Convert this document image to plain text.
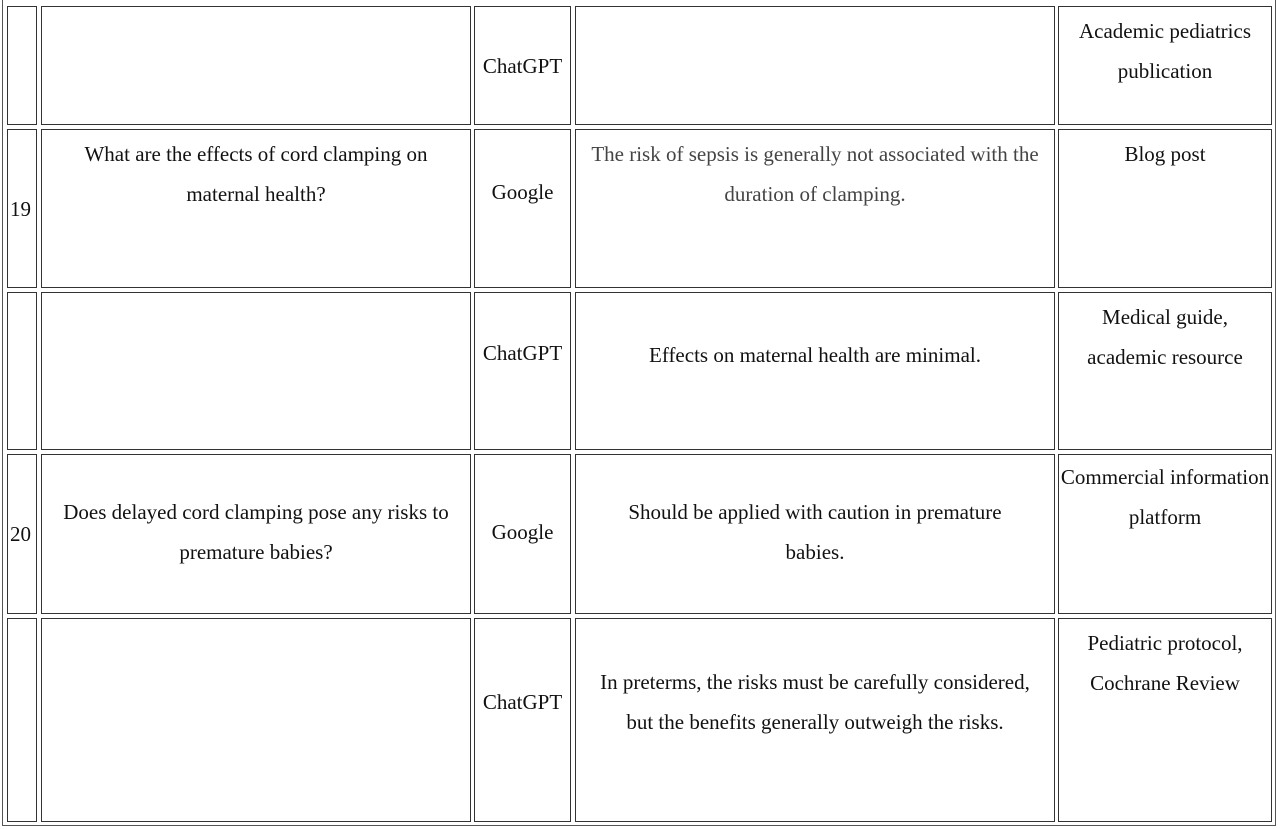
ChatGPT
Academic pediatrics publication
19
What are the effects of cord clamping on maternal health?	Google
The risk of sepsis is generally not associated with the duration of clamping.
Blog post
ChatGPT	Effects on maternal health are minimal.
Medical guide, academic resource
20
Does delayed cord clamping pose any risks to premature babies?
Google
Should be applied with caution in premature babies.
Commercial information platform
ChatGPT
In preterms, the risks must be carefully considered, but the benefits generally outweigh the risks.
Pediatric protocol, Cochrane Review
